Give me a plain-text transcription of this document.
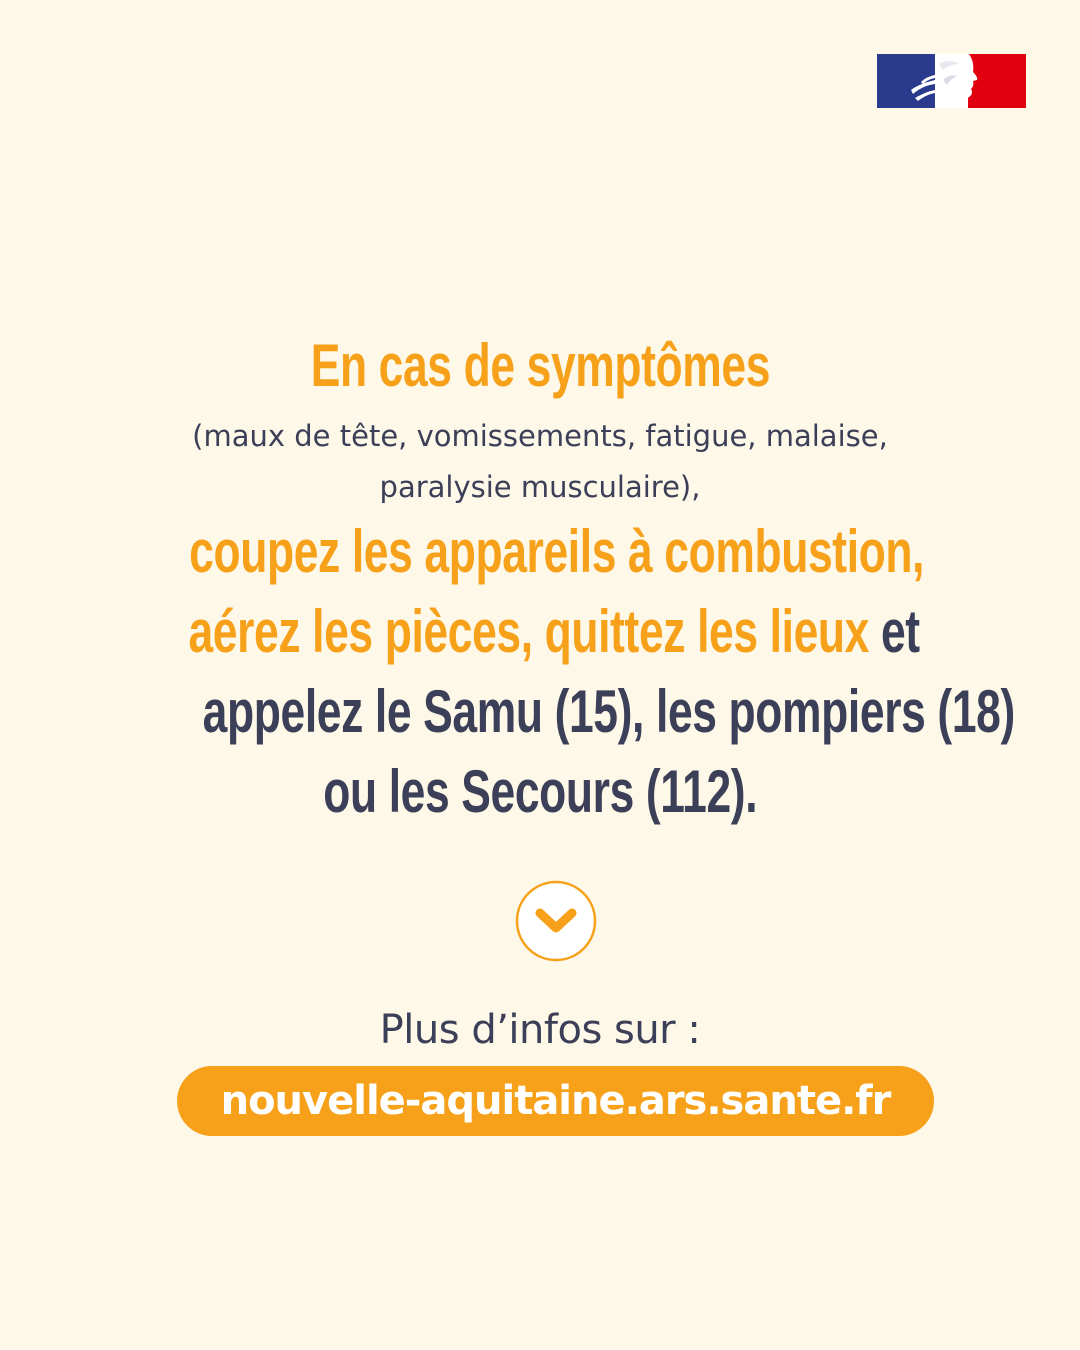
En cas de symptômes
(maux de tête, vomissements, fatigue, malaise,
paralysie musculaire),
coupez les appareils à combustion,
aérez les pièces, quittez les lieux et
appelez le Samu (15), les pompiers (18)
ou les Secours (112).
Plus d’infos sur :
nouvelle-aquitaine.ars.sante.fr
